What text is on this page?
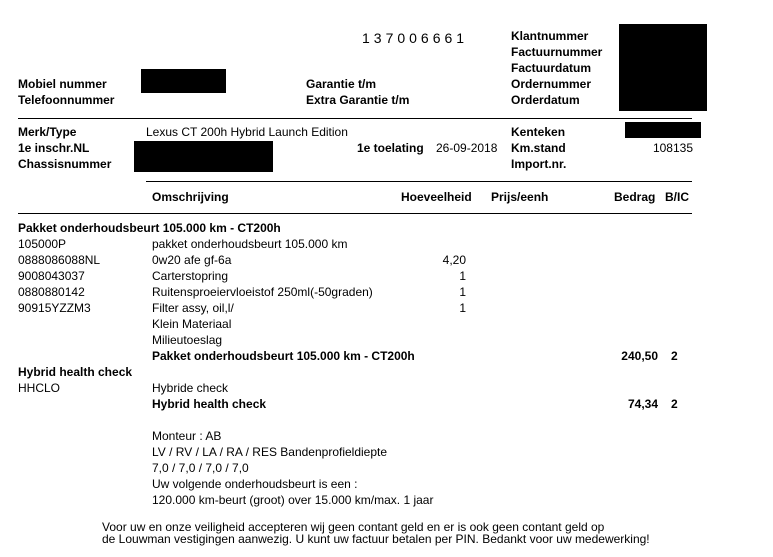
137006661	Klantnummer
Factuurnummer
Factuurdatum
Ordernummer
Orderdatum
Mobiel nummer
Telefoonnummer
Garantie t/m
Extra Garantie t/m
Merk/Type	Lexus CT 200h Hybrid Launch Edition
1e inschr.NL
Chassisnummer
1e toelating 26-09-2018
Kenteken
Km.stand	108135
Import.nr.
Omschrijving	Hoeveelheid Prijs/eenh	Bedrag B/IC
Pakket onderhoudsbeurt 105.000 km - CT200h
105000P	pakket onderhoudsbeurt 105.000 km
0888086088NL	0w20 afe gf-6a	4,20
9008043037	Carterstopring	1
0880880142	Ruitensproeiervloeistof 250ml(-50graden)	1
90915YZZM3	Filter assy, oil,l/	1
Klein Materiaal
Milieutoeslag
Pakket onderhoudsbeurt 105.000 km - CT200h	240,50 2
Hybrid health check
HHCLO	Hybride check
Hybrid health check	74,34 2
Monteur : AB
LV / RV / LA / RA / RES Bandenprofieldiepte
7,0 / 7,0 / 7,0 / 7,0
Uw volgende onderhoudsbeurt is een :
120.000 km-beurt (groot) over 15.000 km/max. 1 jaar
Voor uw en onze veiligheid accepteren wij geen contant geld en er is ook geen contant geld op
de Louwman vestigingen aanwezig. U kunt uw factuur betalen per PIN. Bedankt voor uw medewerking!
